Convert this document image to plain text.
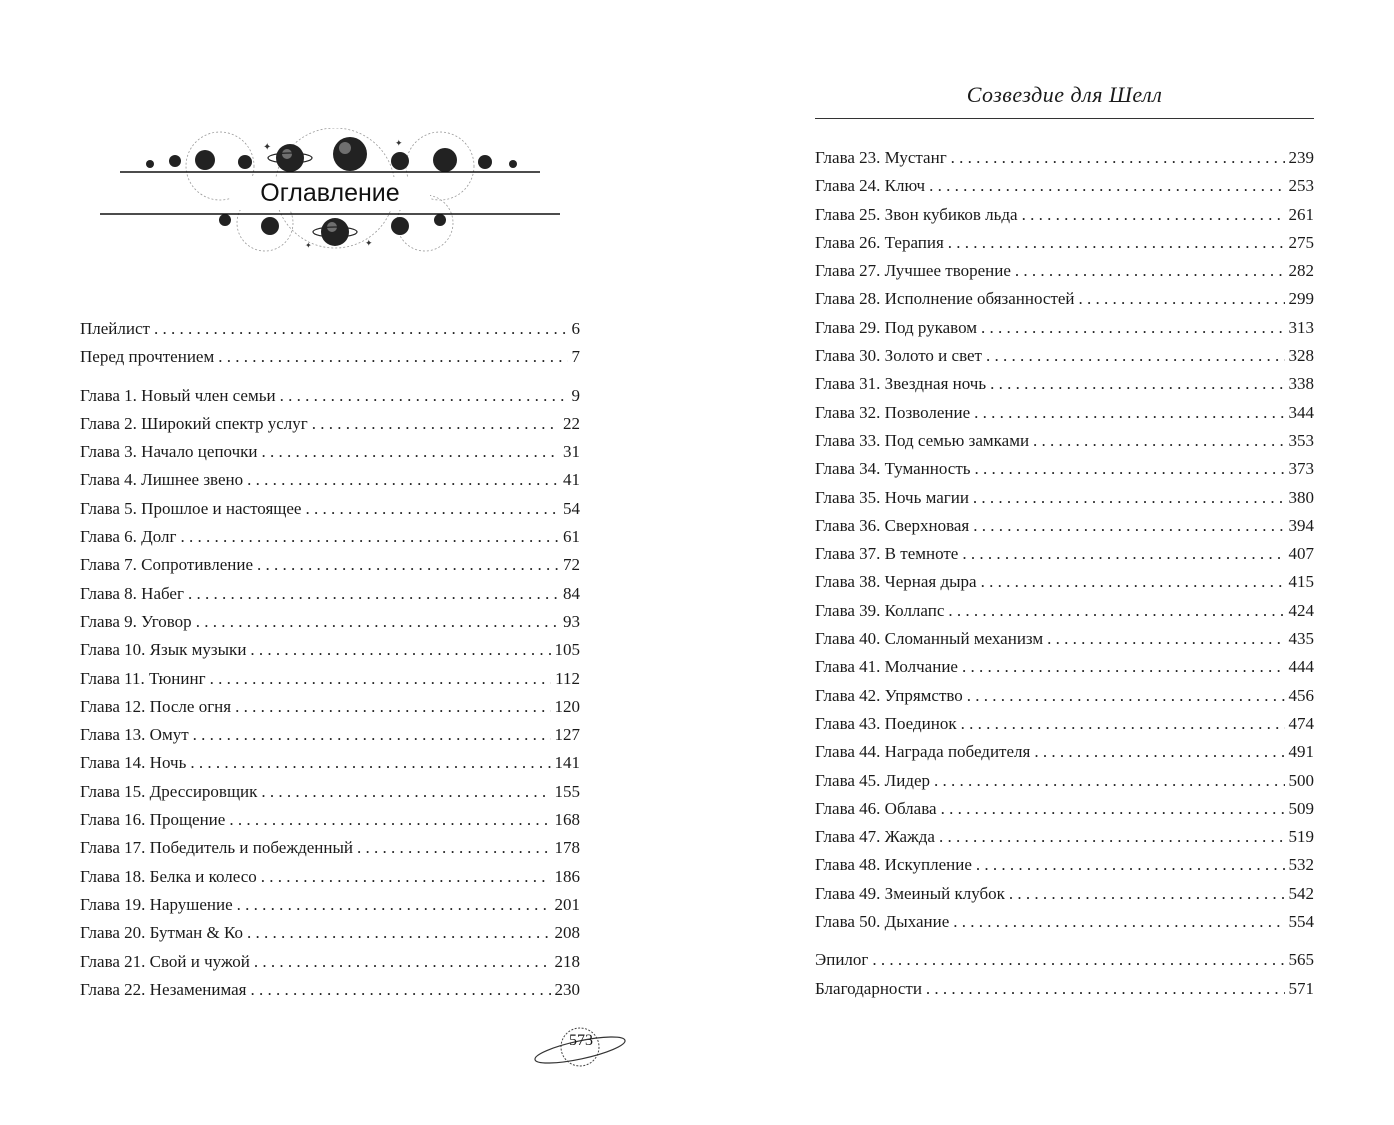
✦	✦
✦
✦
Оглавление
Созвездие для Шелл
Плейлист . . .	6
Перед прочтением . . .	7
Глава 1. Новый член семьи . . .	9
Глава 2. Широкий спектр услуг . . .	22
Глава 3. Начало цепочки . . .	31
Глава 4. Лишнее звено . . .	41
Глава 5. Прошлое и настоящее . . .	54
Глава 6. Долг . . .	61
Глава 7. Сопротивление . . .	72
Глава 8. Набег . . .	84
Глава 9. Уговор . . .	93
Глава 10. Язык музыки . . .	105
Глава 11. Тюнинг . . .	112
Глава 12. После огня . . .	120
Глава 13. Омут . . .	127
Глава 14. Ночь . . .	141
Глава 15. Дрессировщик . . .	155
Глава 16. Прощение . . .	168
Глава 17. Победитель и побежденный . . .	178
Глава 18. Белка и колесо . . .	186
Глава 19. Нарушение . . .	201
Глава 20. Бутман & Ко . . .	208
Глава 21. Свой и чужой . . .	218
Глава 22. Незаменимая . . .	230
Глава 23. Мустанг . . .	239
Глава 24. Ключ . . .	253
Глава 25. Звон кубиков льда . . .	261
Глава 26. Терапия . . .	275
Глава 27. Лучшее творение . . .	282
Глава 28. Исполнение обязанностей . . .	299
Глава 29. Под рукавом . . .	313
Глава 30. Золото и свет . . .	328
Глава 31. Звездная ночь . . .	338
Глава 32. Позволение . . .	344
Глава 33. Под семью замками . . .	353
Глава 34. Туманность . . .	373
Глава 35. Ночь магии . . .	380
Глава 36. Сверхновая . . .	394
Глава 37. В темноте . . .	407
Глава 38. Черная дыра . . .	415
Глава 39. Коллапс . . .	424
Глава 40. Сломанный механизм . . .	435
Глава 41. Молчание . . .	444
Глава 42. Упрямство . . .	456
Глава 43. Поединок . . .	474
Глава 44. Награда победителя . . .	491
Глава 45. Лидер . . .	500
Глава 46. Облава . . .	509
Глава 47. Жажда . . .	519
Глава 48. Искупление . . .	532
Глава 49. Змеиный клубок . . .	542
Глава 50. Дыхание . . .	554
Эпилог . . .	565
Благодарности . . .	571
573
